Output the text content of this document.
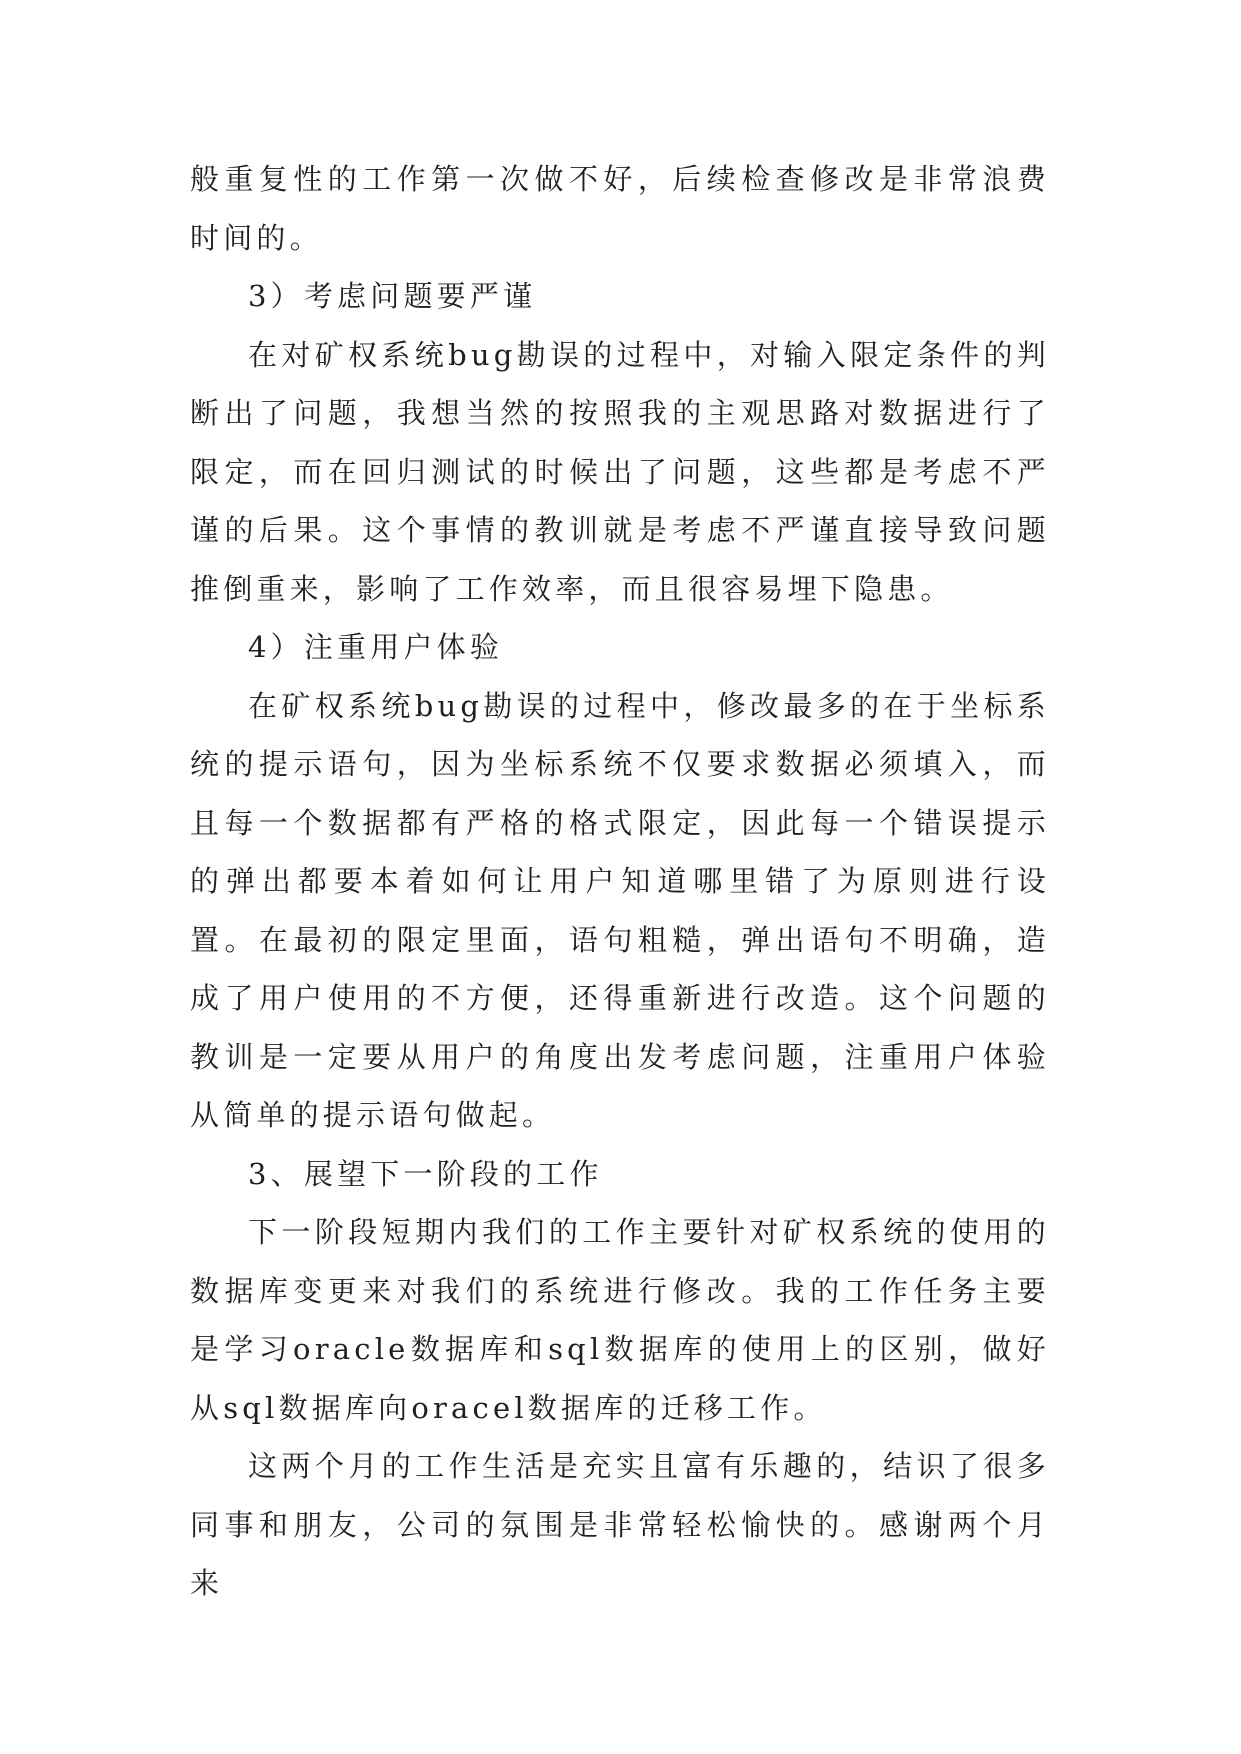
般重复性的工作第一次做不好，后续检查修改是非常浪费时间的。

3）考虑问题要严谨

在对矿权系统bug勘误的过程中，对输入限定条件的判断出了问题，我想当然的按照我的主观思路对数据进行了限定，而在回归测试的时候出了问题，这些都是考虑不严谨的后果。这个事情的教训就是考虑不严谨直接导致问题推倒重来，影响了工作效率，而且很容易埋下隐患。

4）注重用户体验

在矿权系统bug勘误的过程中，修改最多的在于坐标系统的提示语句，因为坐标系统不仅要求数据必须填入，而且每一个数据都有严格的格式限定，因此每一个错误提示的弹出都要本着如何让用户知道哪里错了为原则进行设置。在最初的限定里面，语句粗糙，弹出语句不明确，造成了用户使用的不方便，还得重新进行改造。这个问题的教训是一定要从用户的角度出发考虑问题，注重用户体验从简单的提示语句做起。

3、展望下一阶段的工作

下一阶段短期内我们的工作主要针对矿权系统的使用的数据库变更来对我们的系统进行修改。我的工作任务主要是学习oracle数据库和sql数据库的使用上的区别，做好从sql数据库向oracel数据库的迁移工作。

这两个月的工作生活是充实且富有乐趣的，结识了很多同事和朋友，公司的氛围是非常轻松愉快的。感谢两个月来
